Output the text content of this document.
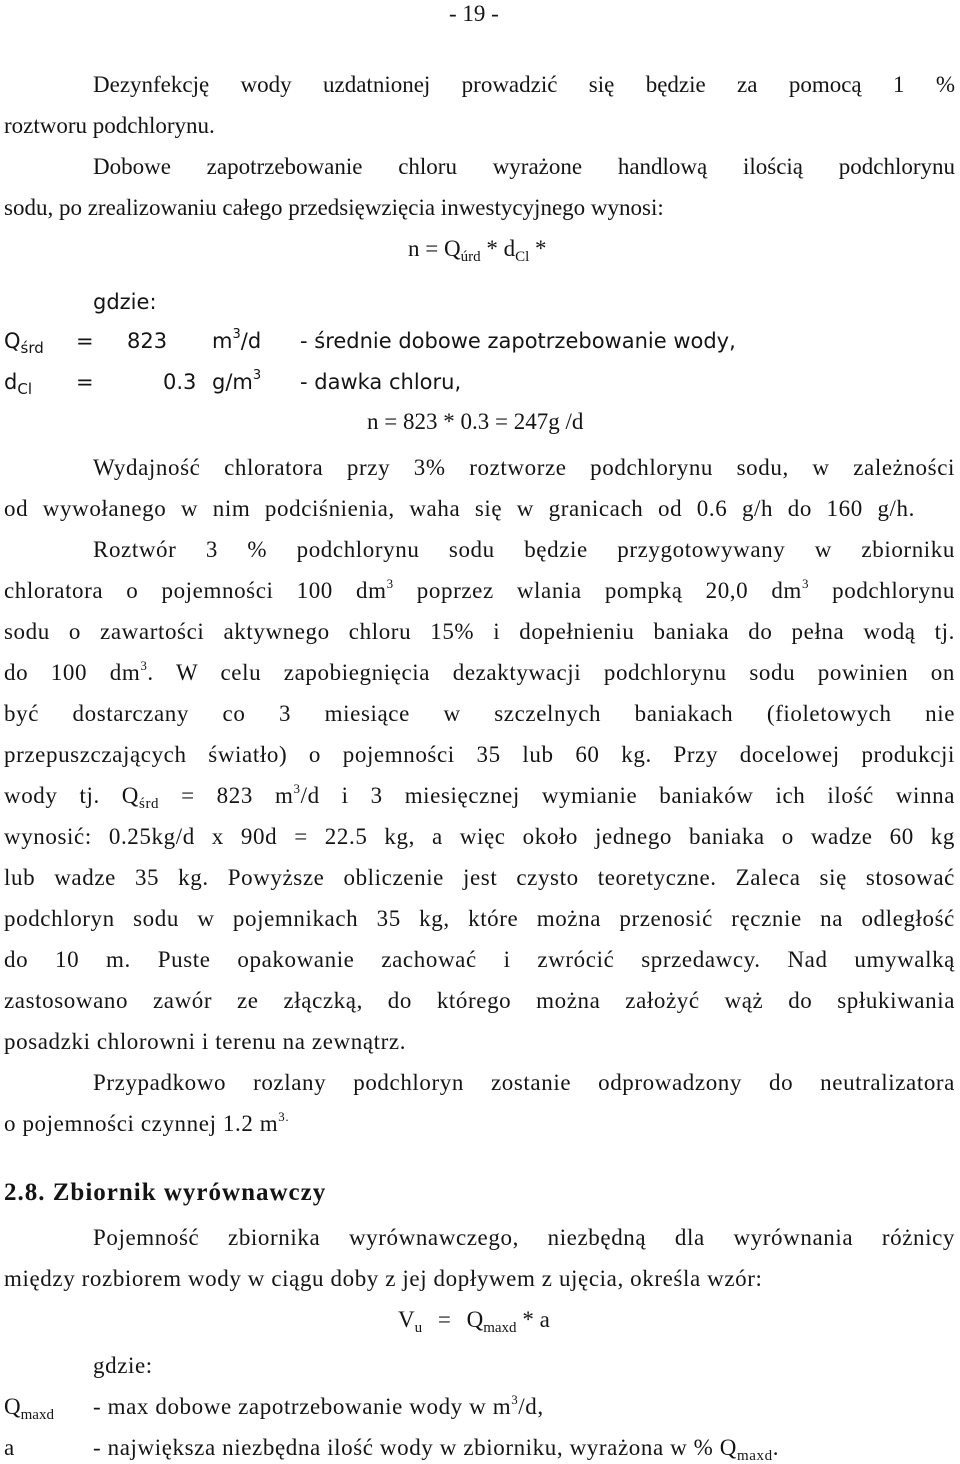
- 19 -
Dezynfekcję wody uzdatnionej prowadzić się będzie za pomocą 1 %
roztworu podchlorynu.
Dobowe zapotrzebowanie chloru wyrażone handlową ilością podchlorynu
sodu, po zrealizowaniu całego przedsięwzięcia inwestycyjnego wynosi:
$n = Q_{úrd} * d_{Cl}$ *
gdzie:
$Q_{śrd} = 823$ $m^3/d$ - średnie dobowe zapotrzebowanie wody,
$d_{Cl}$ =	0.3 $g/m^3$ - dawka chloru,
n = 823 * 0.3 = 247g /d
Wydajność chloratora przy 3% roztworze podchlorynu sodu, w zależności
od wywołanego w nim podciśnienia, waha się w granicach od 0.6 g/h do 160 g/h.
Roztwór 3 % podchlorynu sodu będzie przygotowywany w zbiorniku
chloratora o pojemności 100 $dm^3$ poprzez wlania pompką 20,0 $dm^3$ podchlorynu
sodu o zawartości aktywnego chloru 15% i dopełnieniu baniaka do pełna wodą tj.
do 100 $dm^3$. W celu zapobiegnięcia dezaktywacji podchlorynu sodu powinien on
być dostarczany co 3 miesiące w szczelnych baniakach (fioletowych nie
przepuszczających światło) o pojemności 35 lub 60 kg. Przy docelowej produkcji
wody tj. $Q_{śrd} = 823$ $m^3/d$ i 3 miesięcznej wymianie baniaków ich ilość winna
wynosić: 0.25kg/d x 90d = 22.5 kg, a więc około jednego baniaka o wadze 60 kg
lub wadze 35 kg. Powyższe obliczenie jest czysto teoretyczne. Zaleca się stosować
podchloryn sodu w pojemnikach 35 kg, które można przenosić ręcznie na odległość
do 10 m. Puste opakowanie zachować i zwrócić sprzedawcy. Nad umywalką
zastosowano zawór ze złączką, do którego można założyć wąż do spłukiwania
posadzki chlorowni i terenu na zewnątrz.
Przypadkowo rozlany podchloryn zostanie odprowadzony do neutralizatora
o pojemności czynnej 1.2 $m^{3.}$
2.8. Zbiornik wyrównawczy
Pojemność zbiornika wyrównawczego, niezbędną dla wyrównania różnicy
między rozbiorem wody w ciągu doby z jej dopływem z ujęcia, określa wzór:
$V_u = Q_{maxd} * a$
gdzie:
$Q_{maxd}$ - max dobowe zapotrzebowanie wody w $m^3/d$,
a	- największa niezbędna ilość wody w zbiorniku, wyrażona w % $Q_{maxd}$.
